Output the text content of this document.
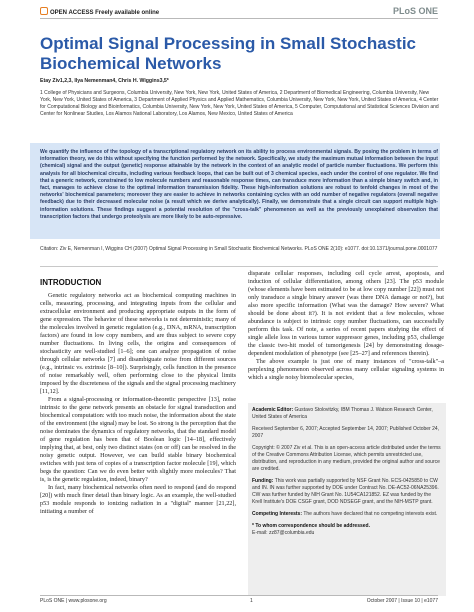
OPEN ACCESS Freely available online	PLoS ONE
Optimal Signal Processing in Small Stochastic Biochemical Networks
Etay Ziv1,2,3, Ilya Nemenman4, Chris H. Wiggins3,5*
1 College of Physicians and Surgeons, Columbia University, New York, New York, United States of America, 2 Department of Biomedical Engineering, Columbia University, New York, New York, United States of America, 3 Department of Applied Physics and Applied Mathematics, Columbia University, New York, New York, United States of America, 4 Center for Computational Biology and Bioinformatics, Columbia University, New York, New York, United States of America, 5 Computer, Computational and Statistical Sciences Division and Center for Nonlinear Studies, Los Alamos National Laboratory, Los Alamos, New Mexico, United States of America
We quantify the influence of the topology of a transcriptional regulatory network on its ability to process environmental signals. By posing the problem in terms of information theory, we do this without specifying the function performed by the network. Specifically, we study the maximum mutual information between the input (chemical) signal and the output (genetic) response attainable by the network in the context of an analytic model of particle number fluctuations. We perform this analysis for all biochemical circuits, including various feedback loops, that can be built out of 3 chemical species, each under the control of one regulator. We find that a generic network, constrained to low molecule numbers and reasonable response times, can transduce more information than a simple binary switch and, in fact, manages to achieve close to the optimal information transmission fidelity. These high-information solutions are robust to tenfold changes in most of the networks' biochemical parameters; moreover they are easier to achieve in networks containing cycles with an odd number of negative regulators (overall negative feedback) due to their decreased molecular noise (a result which we derive analytically). Finally, we demonstrate that a single circuit can support multiple high-information solutions. These findings suggest a potential resolution of the "cross-talk" phenomenon as well as the previously unexplained observation that transcription factors that undergo proteolysis are more likely to be auto-repressive.
Citation: Ziv E, Nemenman I, Wiggins CH (2007) Optimal Signal Processing in Small Stochastic Biochemical Networks. PLoS ONE 2(10): e1077. doi:10.1371/journal.pone.0001077
INTRODUCTION

Genetic regulatory networks act as biochemical computing machines in cells, measuring, processing, and integrating inputs from the cellular and extracellular environment and producing appropriate outputs in the form of gene expression. The behavior of these networks is not deterministic; many of the molecules involved in genetic regulation (e.g., DNA, mRNA, transcription factors) are found in low copy numbers, and are thus subject to severe copy number fluctuations. In living cells, the origins and consequences of stochasticity are well-studied [1–6]; one can analyze propagation of noise through cellular networks [7] and disambiguate noise from different sources (e.g., intrinsic vs. extrinsic [8–10]). Surprisingly, cells function in the presence of noise remarkably well, often performing close to the physical limits imposed by the discreteness of the signals and the signal processing machinery [11,12].

From a signal-processing or information-theoretic perspective [13], noise intrinsic to the gene network presents an obstacle for signal transduction and biochemical computation: with too much noise, the information about the state of the environment (the signal) may be lost. So strong is the perception that the noise dominates the dynamics of regulatory networks, that the standard model of gene regulation has been that of Boolean logic [14–18], effectively implying that, at best, only two distinct states (on or off) can be resolved in the noisy genetic output. However, we can build stable binary biochemical switches with just tens of copies of a transcription factor molecule [19], which begs the question: Can we do even better with slightly more molecules? That is, is the genetic regulation, indeed, binary?

In fact, many biochemical networks often need to respond (and do respond [20]) with much finer detail than binary logic. As an example, the well-studied p53 module responds to ionizing radiation in a "digital" manner [21,22], initiating a number of

disparate cellular responses, including cell cycle arrest, apoptosis, and induction of cellular differentiation, among others [23]. The p53 module (whose elements have been estimated to be at low copy number [22]) must not only transduce a single binary answer (was there DNA damage or not?), but also more specific information (What was the damage? How severe? What should be done about it?). It is not evident that a few molecules, whose abundance is subject to intrinsic copy number fluctuations, can successfully perform this task. Of note, a series of recent papers studying the effect of single allele loss in various tumor suppressor genes, including p53, challenge the classic two-hit model of tumorigenesis [24] by demonstrating dosage-dependent modulation of phenotype (see [25–27] and references therein).

The above example is just one of many instances of "cross-talk"–a perplexing phenomenon observed across many cellular signaling systems in which a single noisy biomolecular species,

Academic Editor: Gustavo Stolovitzky, IBM Thomas J. Watson Research Center, United States of America

Received September 6, 2007; Accepted September 14, 2007; Published October 24, 2007

Copyright: © 2007 Ziv et al. This is an open-access article distributed under the terms of the Creative Commons Attribution License, which permits unrestricted use, distribution, and reproduction in any medium, provided the original author and source are credited.

Funding: This work was partially supported by NSF Grant No. ECS-0425850 to CW and IN. IN was further supported by DOE under Contract No. DE-AC52-06NA25396. CW was further funded by NIH Grant No. 1U54CA121852. EZ was funded by the Krell Institute's DOE CSGF grant, DOD NDSEGF grant, and the NIH-MSTP grant.

Competing Interests: The authors have declared that no competing interests exist.

* To whom correspondence should be addressed.
E-mail: zz87@columbia.edu

PLoS ONE | www.plosone.org	1	October 2007 | Issue 10 | e1077
